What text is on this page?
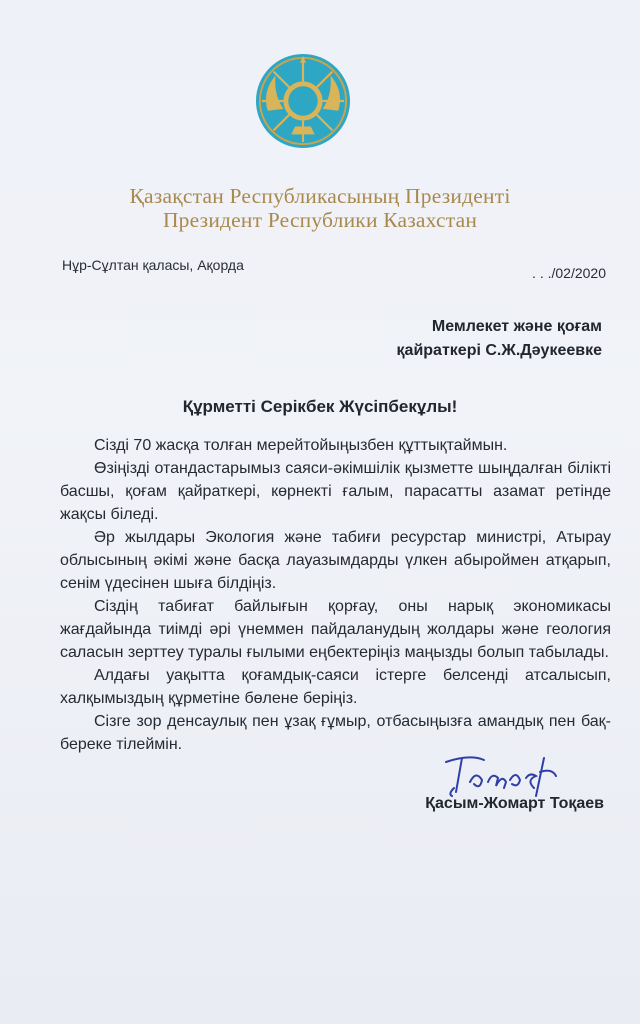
Қазақстан Республикасының Президенті
Президент Республики Казахстан
Нұр-Сұлтан қаласы, Ақорда	. . ./02/2020
Мемлекет және қоғам
қайраткері С.Ж.Дәукеевке
Құрметті Серікбек Жүсіпбекұлы!

Сізді 70 жасқа толған мерейтойыңызбен құттықтаймын.

Өзіңізді отандастарымыз саяси-әкімшілік қызметте шыңдалған білікті басшы, қоғам қайраткері, көрнекті ғалым, парасатты азамат ретінде жақсы біледі.

Әр жылдары Экология және табиғи ресурстар министрі, Атырау облысының әкімі және басқа лауазымдарды үлкен абыроймен атқарып, сенім үдесінен шыға білдіңіз.

Сіздің табиғат байлығын қорғау, оны нарық экономикасы жағдайында тиімді әрі үнеммен пайдаланудың жолдары және геология саласын зерттеу туралы ғылыми еңбектеріңіз маңызды болып табылады.

Алдағы уақытта қоғамдық-саяси істерге белсенді атсалысып, халқымыздың құрметіне бөлене беріңіз.

Сізге зор денсаулық пен ұзақ ғұмыр, отбасыңызға амандық пен бақ-береке тілеймін.

Қасым-Жомарт Тоқаев
